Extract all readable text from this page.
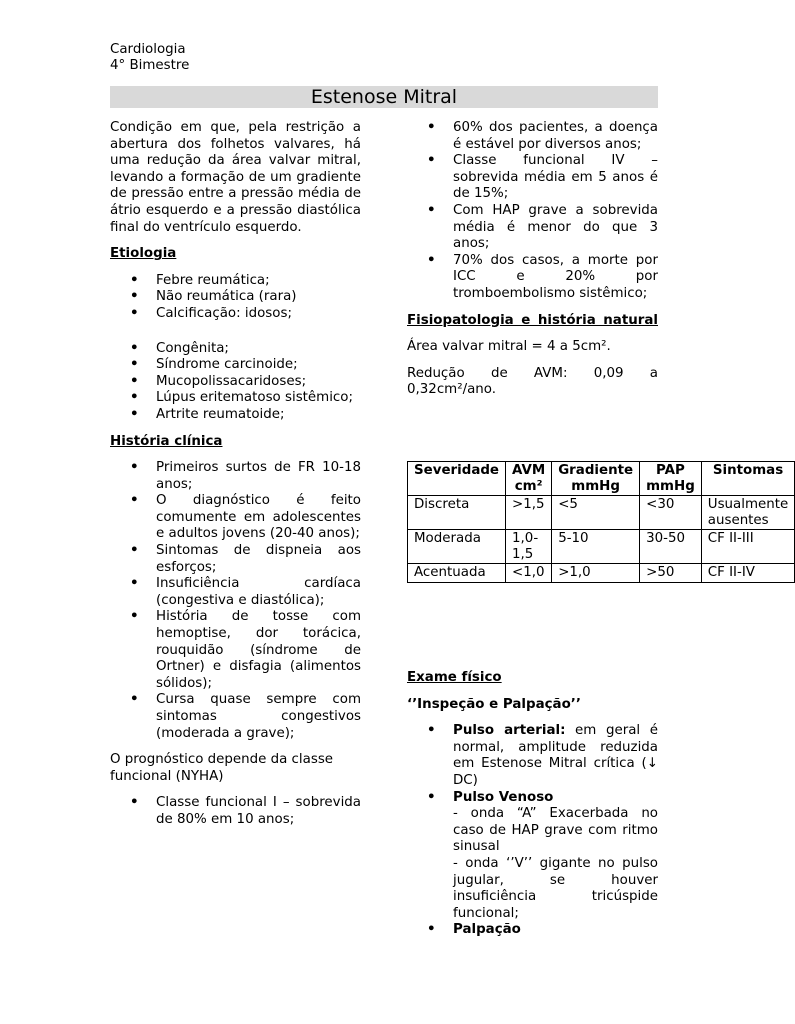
Cardiologia
4° Bimestre
Estenose Mitral

Condição em que, pela restrição a abertura dos folhetos valvares, há uma redução da área valvar mitral, levando a formação de um gradiente de pressão entre a pressão média de átrio esquerdo e a pressão diastólica final do ventrículo esquerdo.

Etiologia
• Febre reumática;
• Não reumática (rara)
• Calcificação: idosos;
• Congênita;
• Síndrome carcinoide;
• Mucopolissacaridoses;
• Lúpus eritematoso sistêmico;
• Artrite reumatoide;
História clínica
• Primeiros surtos de FR 10-18 anos;
• O diagnóstico é feito comumente em adolescentes e adultos jovens (20-40 anos);
• Sintomas de dispneia aos esforços;
• Insuficiência cardíaca (congestiva e diastólica);
• História de tosse com hemoptise, dor torácica, rouquidão (síndrome de Ortner) e disfagia (alimentos sólidos);
• Cursa quase sempre com sintomas congestivos (moderada a grave);

O prognóstico depende da classe funcional (NYHA)

• Classe funcional I – sobrevida de 80% em 10 anos;
• 60% dos pacientes, a doença é estável por diversos anos;
• Classe funcional IV – sobrevida média em 5 anos é de 15%;
• Com HAP grave a sobrevida média é menor do que 3 anos;
• 70% dos casos, a morte por ICC e 20% por tromboembolismo sistêmico;
Fisiopatologia e história natural

Área valvar mitral = 4 a 5cm².

Redução de AVM: 0,09 a 0,32cm²/ano.

Severidade	AVM cm²	Gradiente mmHg	PAP mmHg	Sintomas
Discreta	>1,5	<5	<30	Usualmente ausentes
Moderada	1,0-1,5	5-10	30-50	CF II-III
Acentuada	<1,0	>1,0	>50	CF II-IV
Exame físico

‘’Inspeção e Palpação’’

• Pulso arterial: em geral é normal, amplitude reduzida em Estenose Mitral crítica (↓ DC)
• Pulso Venoso
- onda “A” Exacerbada no caso de HAP grave com ritmo sinusal
- onda ‘’V’’ gigante no pulso jugular, se houver insuficiência tricúspide funcional;
• Palpação
